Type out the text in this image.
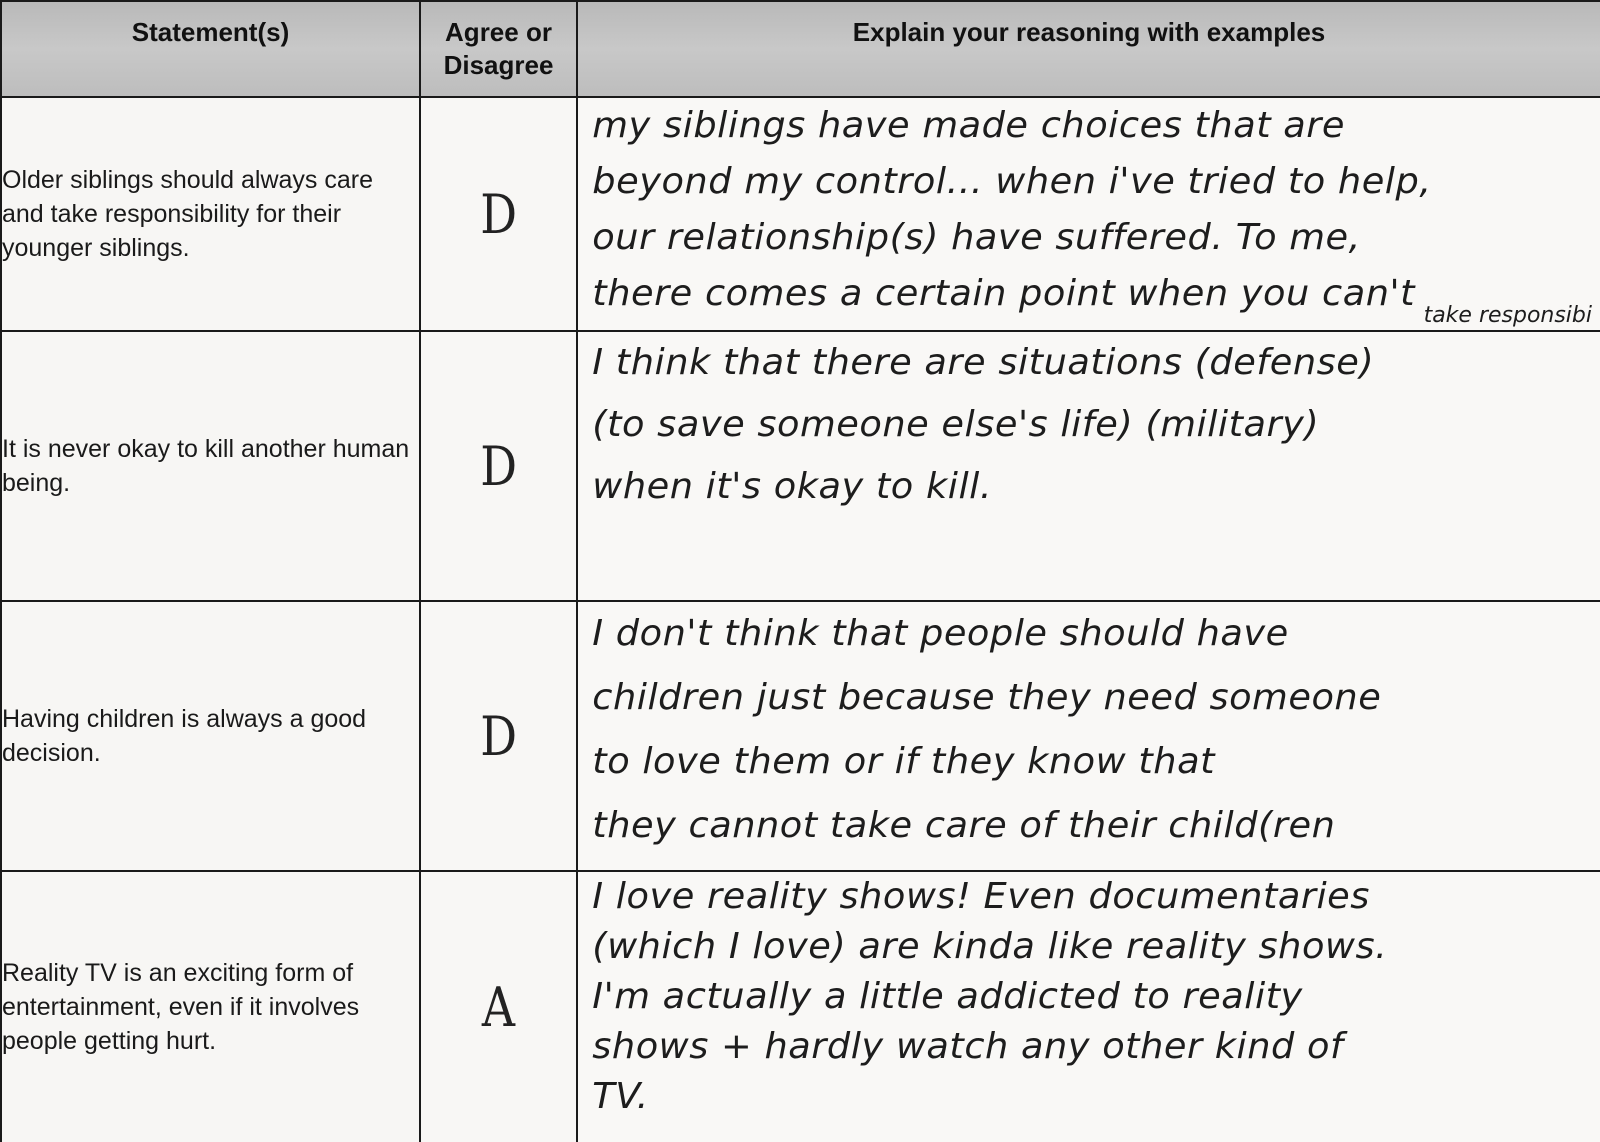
Statement(s)	Agree or Disagree	Explain your reasoning with examples
Older siblings should always care and take responsibility for their younger siblings.	D	my siblings have made choices that are

beyond my control... when i've tried to help,

our relationship(s) have suffered. To me,

there comes a certain point when you can't

take responsibi

It is never okay to kill another human being.	D	I think that there are situations (defense)

(to save someone else's life) (military)

when it's okay to kill.

Having children is always a good decision.	D	I don't think that people should have

children just because they need someone

to love them or if they know that

they cannot take care of their child(ren

Reality TV is an exciting form of entertainment, even if it involves people getting hurt.	A	I love reality shows! Even documentaries

(which I love) are kinda like reality shows.

I'm actually a little addicted to reality

shows + hardly watch any other kind of

TV.
